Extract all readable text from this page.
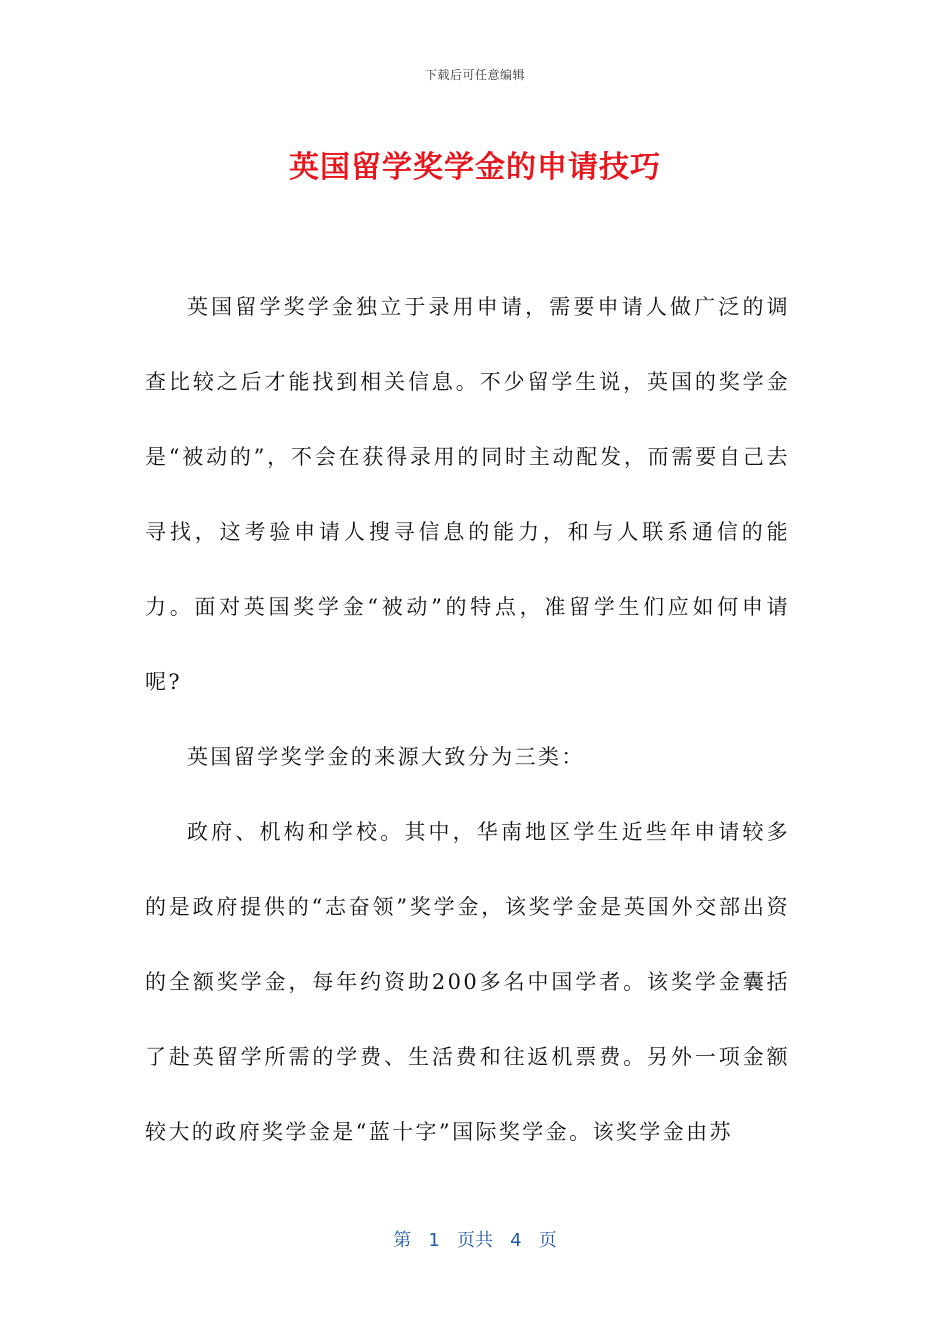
下载后可任意编辑
英国留学奖学金的申请技巧

英国留学奖学金独立于录用申请，需要申请人做广泛的调查比较之后才能找到相关信息。不少留学生说，英国的奖学金是“被动的”，不会在获得录用的同时主动配发，而需要自己去寻找，这考验申请人搜寻信息的能力，和与人联系通信的能力。面对英国奖学金“被动”的特点，准留学生们应如何申请呢?

英国留学奖学金的来源大致分为三类：

政府、机构和学校。其中，华南地区学生近些年申请较多的是政府提供的“志奋领”奖学金，该奖学金是英国外交部出资的全额奖学金，每年约资助200多名中国学者。该奖学金囊括了赴英留学所需的学费、生活费和往返机票费。另外一项金额较大的政府奖学金是“蓝十字”国际奖学金。该奖学金由苏

第 1 页共 4 页
